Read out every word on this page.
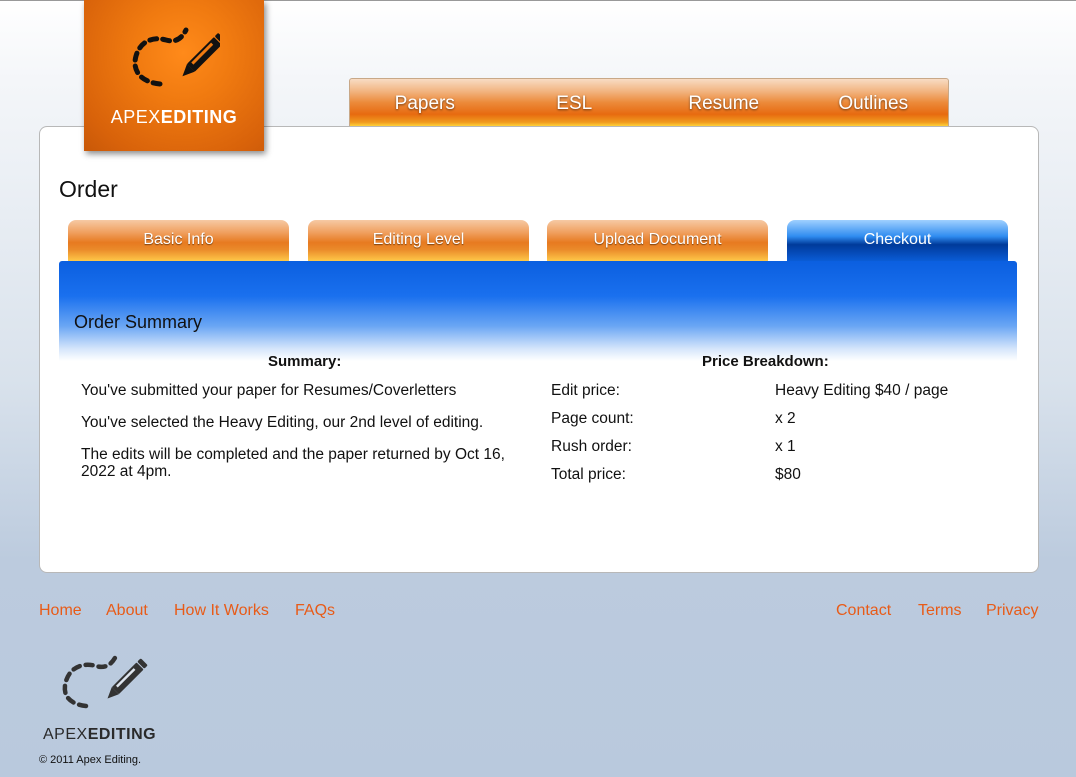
APEXEDITING
Papers	ESL	Resume	Outlines
Order
Basic Info	Editing Level	Upload Document	Checkout
Order Summary
Summary:	Price Breakdown:
You've submitted your paper for Resumes/Coverletters
You've selected the Heavy Editing, our 2nd level of editing.
The edits will be completed and the paper returned by Oct 16, 2022 at 4pm.
Edit price:	Heavy Editing $40 / page
Page count:	x 2
Rush order:	x 1
Total price:	$80
Home About How It Works FAQs	Contact Terms Privacy
APEXEDITING
© 2011 Apex Editing.
